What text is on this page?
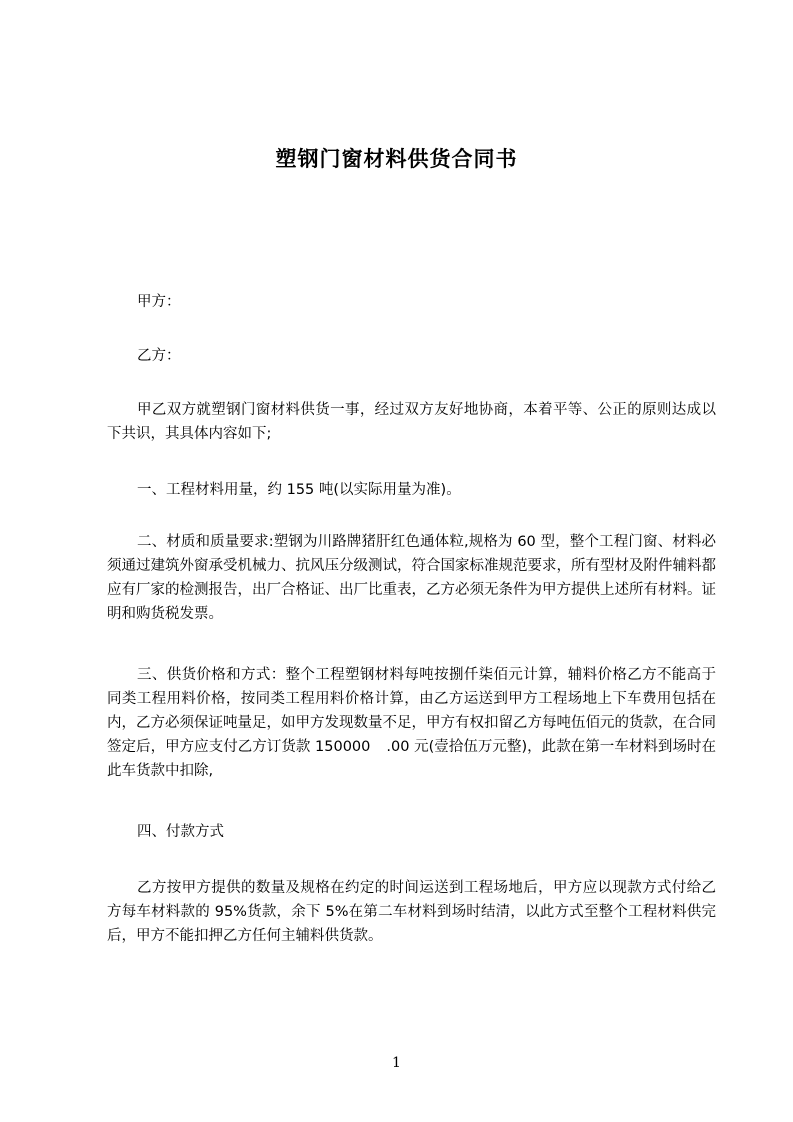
塑钢门窗材料供货合同书
甲方：
乙方：
甲乙双方就塑钢门窗材料供货一事，经过双方友好地协商，本着平等、公正的原则达成以下共识，其具体内容如下;
一、工程材料用量，约 155 吨(以实际用量为准)。
二、材质和质量要求:塑钢为川路牌猪肝红色通体粒,规格为 60 型，整个工程门窗、材料必须通过建筑外窗承受机械力、抗风压分级测试，符合国家标准规范要求，所有型材及附件辅料都应有厂家的检测报告，出厂合格证、出厂比重表，乙方必须无条件为甲方提供上述所有材料。证明和购货税发票。
三、供货价格和方式：整个工程塑钢材料每吨按捌仟柒佰元计算，辅料价格乙方不能高于同类工程用料价格，按同类工程用料价格计算，由乙方运送到甲方工程场地上下车费用包括在内，乙方必须保证吨量足，如甲方发现数量不足，甲方有权扣留乙方每吨伍佰元的货款，在合同签定后，甲方应支付乙方订货款 150000 .00 元(壹拾伍万元整)，此款在第一车材料到场时在此车货款中扣除,
四、付款方式
乙方按甲方提供的数量及规格在约定的时间运送到工程场地后，甲方应以现款方式付给乙方每车材料款的 95%货款，余下 5%在第二车材料到场时结清，以此方式至整个工程材料供完后，甲方不能扣押乙方任何主辅料供货款。
1
